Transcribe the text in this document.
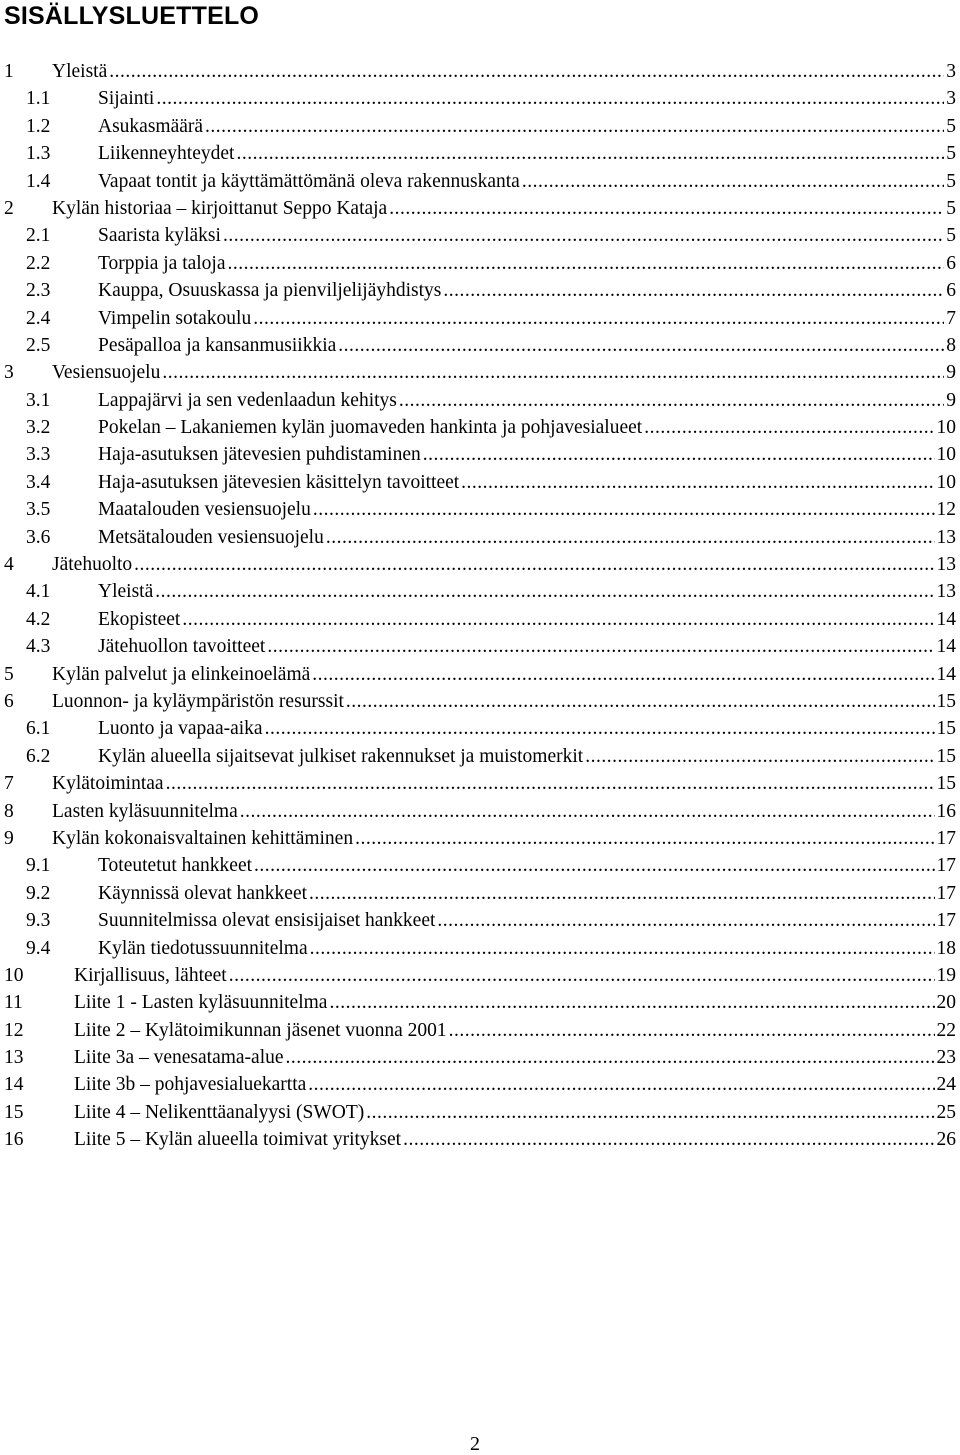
SISÄLLYSLUETTELO
1 Yleistä .....	3
1.1 Sijainti .....	3
1.2 Asukasmäärä .....	5
1.3 Liikenneyhteydet .....	5
1.4 Vapaat tontit ja käyttämättömänä oleva rakennuskanta .....	5
2 Kylän historiaa – kirjoittanut Seppo Kataja .....	5
2.1 Saarista kyläksi .....	5
2.2 Torppia ja taloja .....	6
2.3 Kauppa, Osuuskassa ja pienviljelijäyhdistys .....	6
2.4 Vimpelin sotakoulu .....	7
2.5 Pesäpalloa ja kansanmusiikkia .....	8
3 Vesiensuojelu .....	9
3.1 Lappajärvi ja sen vedenlaadun kehitys .....	9
3.2 Pokelan – Lakaniemen kylän juomaveden hankinta ja pohjavesialueet .....	10
3.3 Haja-asutuksen jätevesien puhdistaminen .....	10
3.4 Haja-asutuksen jätevesien käsittelyn tavoitteet .....	10
3.5 Maatalouden vesiensuojelu .....	12
3.6 Metsätalouden vesiensuojelu .....	13
4 Jätehuolto .....	13
4.1 Yleistä .....	13
4.2 Ekopisteet .....	14
4.3 Jätehuollon tavoitteet .....	14
5 Kylän palvelut ja elinkeinoelämä .....	14
6 Luonnon- ja kyläympäristön resurssit .....	15
6.1 Luonto ja vapaa-aika .....	15
6.2 Kylän alueella sijaitsevat julkiset rakennukset ja muistomerkit .....	15
7 Kylätoimintaa .....	15
8 Lasten kyläsuunnitelma .....	16
9 Kylän kokonaisvaltainen kehittäminen .....	17
9.1 Toteutetut hankkeet .....	17
9.2 Käynnissä olevat hankkeet .....	17
9.3 Suunnitelmissa olevat ensisijaiset hankkeet .....	17
9.4 Kylän tiedotussuunnitelma .....	18
10	Kirjallisuus, lähteet .....	19
11	Liite 1 - Lasten kyläsuunnitelma .....	20
12	Liite 2 – Kylätoimikunnan jäsenet vuonna 2001 .....	22
13	Liite 3a – venesatama-alue .....	23
14	Liite 3b – pohjavesialuekartta .....	24
15	Liite 4 – Nelikenttäanalyysi (SWOT) .....	25
16	Liite 5 – Kylän alueella toimivat yritykset .....	26
2
